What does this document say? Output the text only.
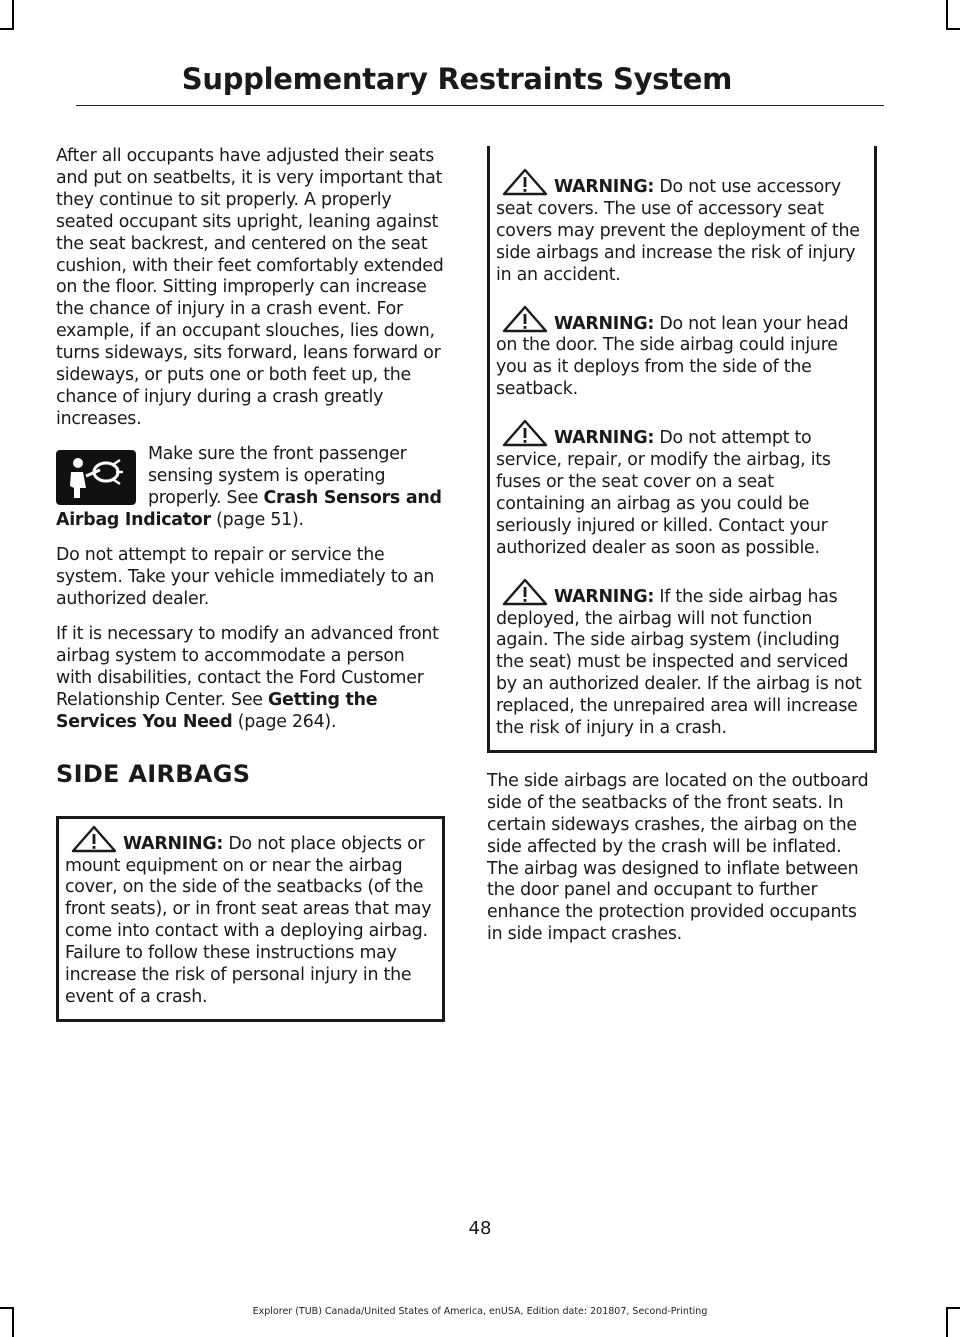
Supplementary Restraints System

After all occupants have adjusted their seats and put on seatbelts, it is very important that they continue to sit properly. A properly seated occupant sits upright, leaning against the seat backrest, and centered on the seat cushion, with their feet comfortably extended on the floor. Sitting improperly can increase the chance of injury in a crash event. For example, if an occupant slouches, lies down, turns sideways, sits forward, leans forward or sideways, or puts one or both feet up, the chance of injury during a crash greatly increases.

Make sure the front passenger sensing system is operating properly. See Crash Sensors and Airbag Indicator (page 51).

Do not attempt to repair or service the system. Take your vehicle immediately to an authorized dealer.

If it is necessary to modify an advanced front airbag system to accommodate a person with disabilities, contact the Ford Customer Relationship Center. See Getting the Services You Need (page 264).

SIDE AIRBAGS

WARNING: Do not place objects or mount equipment on or near the airbag cover, on the side of the seatbacks (of the front seats), or in front seat areas that may come into contact with a deploying airbag. Failure to follow these instructions may increase the risk of personal injury in the event of a crash.

WARNING: Do not use accessory seat covers. The use of accessory seat covers may prevent the deployment of the side airbags and increase the risk of injury in an accident.

WARNING: Do not lean your head on the door. The side airbag could injure you as it deploys from the side of the seatback.

WARNING: Do not attempt to service, repair, or modify the airbag, its fuses or the seat cover on a seat containing an airbag as you could be seriously injured or killed. Contact your authorized dealer as soon as possible.

WARNING: If the side airbag has deployed, the airbag will not function again. The side airbag system (including the seat) must be inspected and serviced by an authorized dealer. If the airbag is not replaced, the unrepaired area will increase the risk of injury in a crash.

The side airbags are located on the outboard side of the seatbacks of the front seats. In certain sideways crashes, the airbag on the side affected by the crash will be inflated. The airbag was designed to inflate between the door panel and occupant to further enhance the protection provided occupants in side impact crashes.

48
Explorer (TUB) Canada/United States of America, enUSA, Edition date: 201807, Second-Printing
